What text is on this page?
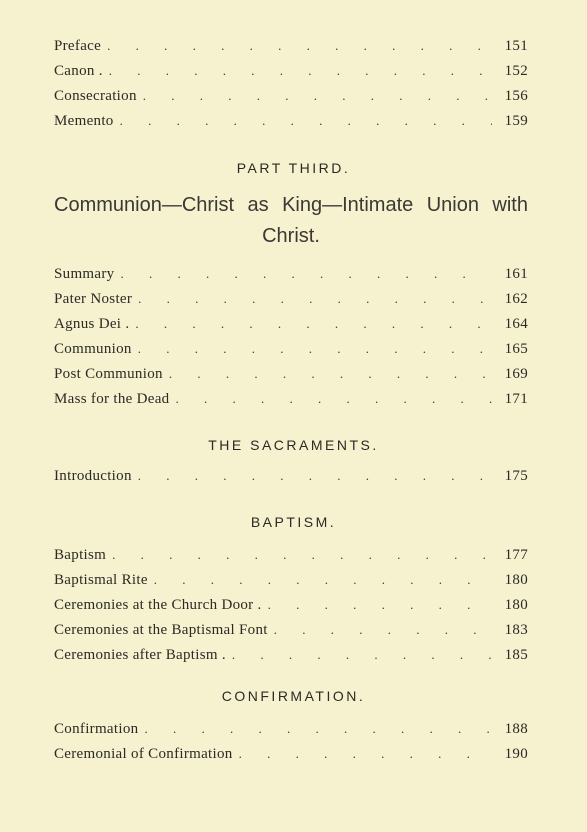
Preface . . .	151
Canon . . . .	152
Consecration . . .	156
Memento . . .	159
PART THIRD.
Communion—Christ as King—Intimate Union with Christ.
Summary . . .	161
Pater Noster . . .	162
Agnus Dei . . . .	164
Communion . . .	165
Post Communion . . .	169
Mass for the Dead . . .	171
THE SACRAMENTS.
Introduction . . .	175
BAPTISM.
Baptism . . .	177
Baptismal Rite . . .	180
Ceremonies at the Church Door . . . .	180
Ceremonies at the Baptismal Font . . .	183
Ceremonies after Baptism . . . .	185
CONFIRMATION.
Confirmation . . .	188
Ceremonial of Confirmation . . .	190
